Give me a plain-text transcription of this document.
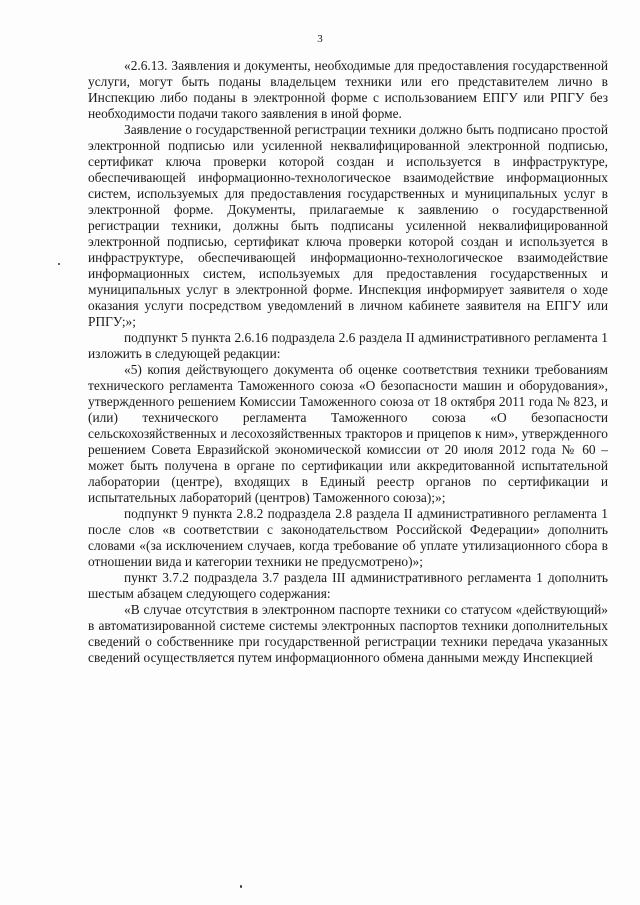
3

«2.6.13. Заявления и документы, необходимые для предоставления государственной услуги, могут быть поданы владельцем техники или его представителем лично в Инспекцию либо поданы в электронной форме с использованием ЕПГУ или РПГУ без необходимости подачи такого заявления в иной форме.

Заявление о государственной регистрации техники должно быть подписано простой электронной подписью или усиленной неквалифицированной электронной подписью, сертификат ключа проверки которой создан и используется в инфраструктуре, обеспечивающей информационно-технологическое взаимодействие информационных систем, используемых для предоставления государственных и муниципальных услуг в электронной форме. Документы, прилагаемые к заявлению о государственной регистрации техники, должны быть подписаны усиленной неквалифицированной электронной подписью, сертификат ключа проверки которой создан и используется в инфраструктуре, обеспечивающей информационно-технологическое взаимодействие информационных систем, используемых для предоставления государственных и муниципальных услуг в электронной форме. Инспекция информирует заявителя о ходе оказания услуги посредством уведомлений в личном кабинете заявителя на ЕПГУ или РПГУ;»;

подпункт 5 пункта 2.6.16 подраздела 2.6 раздела II административного регламента 1 изложить в следующей редакции:

«5) копия действующего документа об оценке соответствия техники требованиям технического регламента Таможенного союза «О безопасности машин и оборудования», утвержденного решением Комиссии Таможенного союза от 18 октября 2011 года № 823, и (или) технического регламента Таможенного союза «О безопасности сельскохозяйственных и лесохозяйственных тракторов и прицепов к ним», утвержденного решением Совета Евразийской экономической комиссии от 20 июля 2012 года № 60 – может быть получена в органе по сертификации или аккредитованной испытательной лаборатории (центре), входящих в Единый реестр органов по сертификации и испытательных лабораторий (центров) Таможенного союза);»;

подпункт 9 пункта 2.8.2 подраздела 2.8 раздела II административного регламента 1 после слов «в соответствии с законодательством Российской Федерации» дополнить словами «(за исключением случаев, когда требование об уплате утилизационного сбора в отношении вида и категории техники не предусмотрено)»;

пункт 3.7.2 подраздела 3.7 раздела III административного регламента 1 дополнить шестым абзацем следующего содержания:

«В случае отсутствия в электронном паспорте техники со статусом «действующий» в автоматизированной системе системы электронных паспортов техники дополнительных сведений о собственнике при государственной регистрации техники передача указанных сведений осуществляется путем информационного обмена данными между Инспекцией
